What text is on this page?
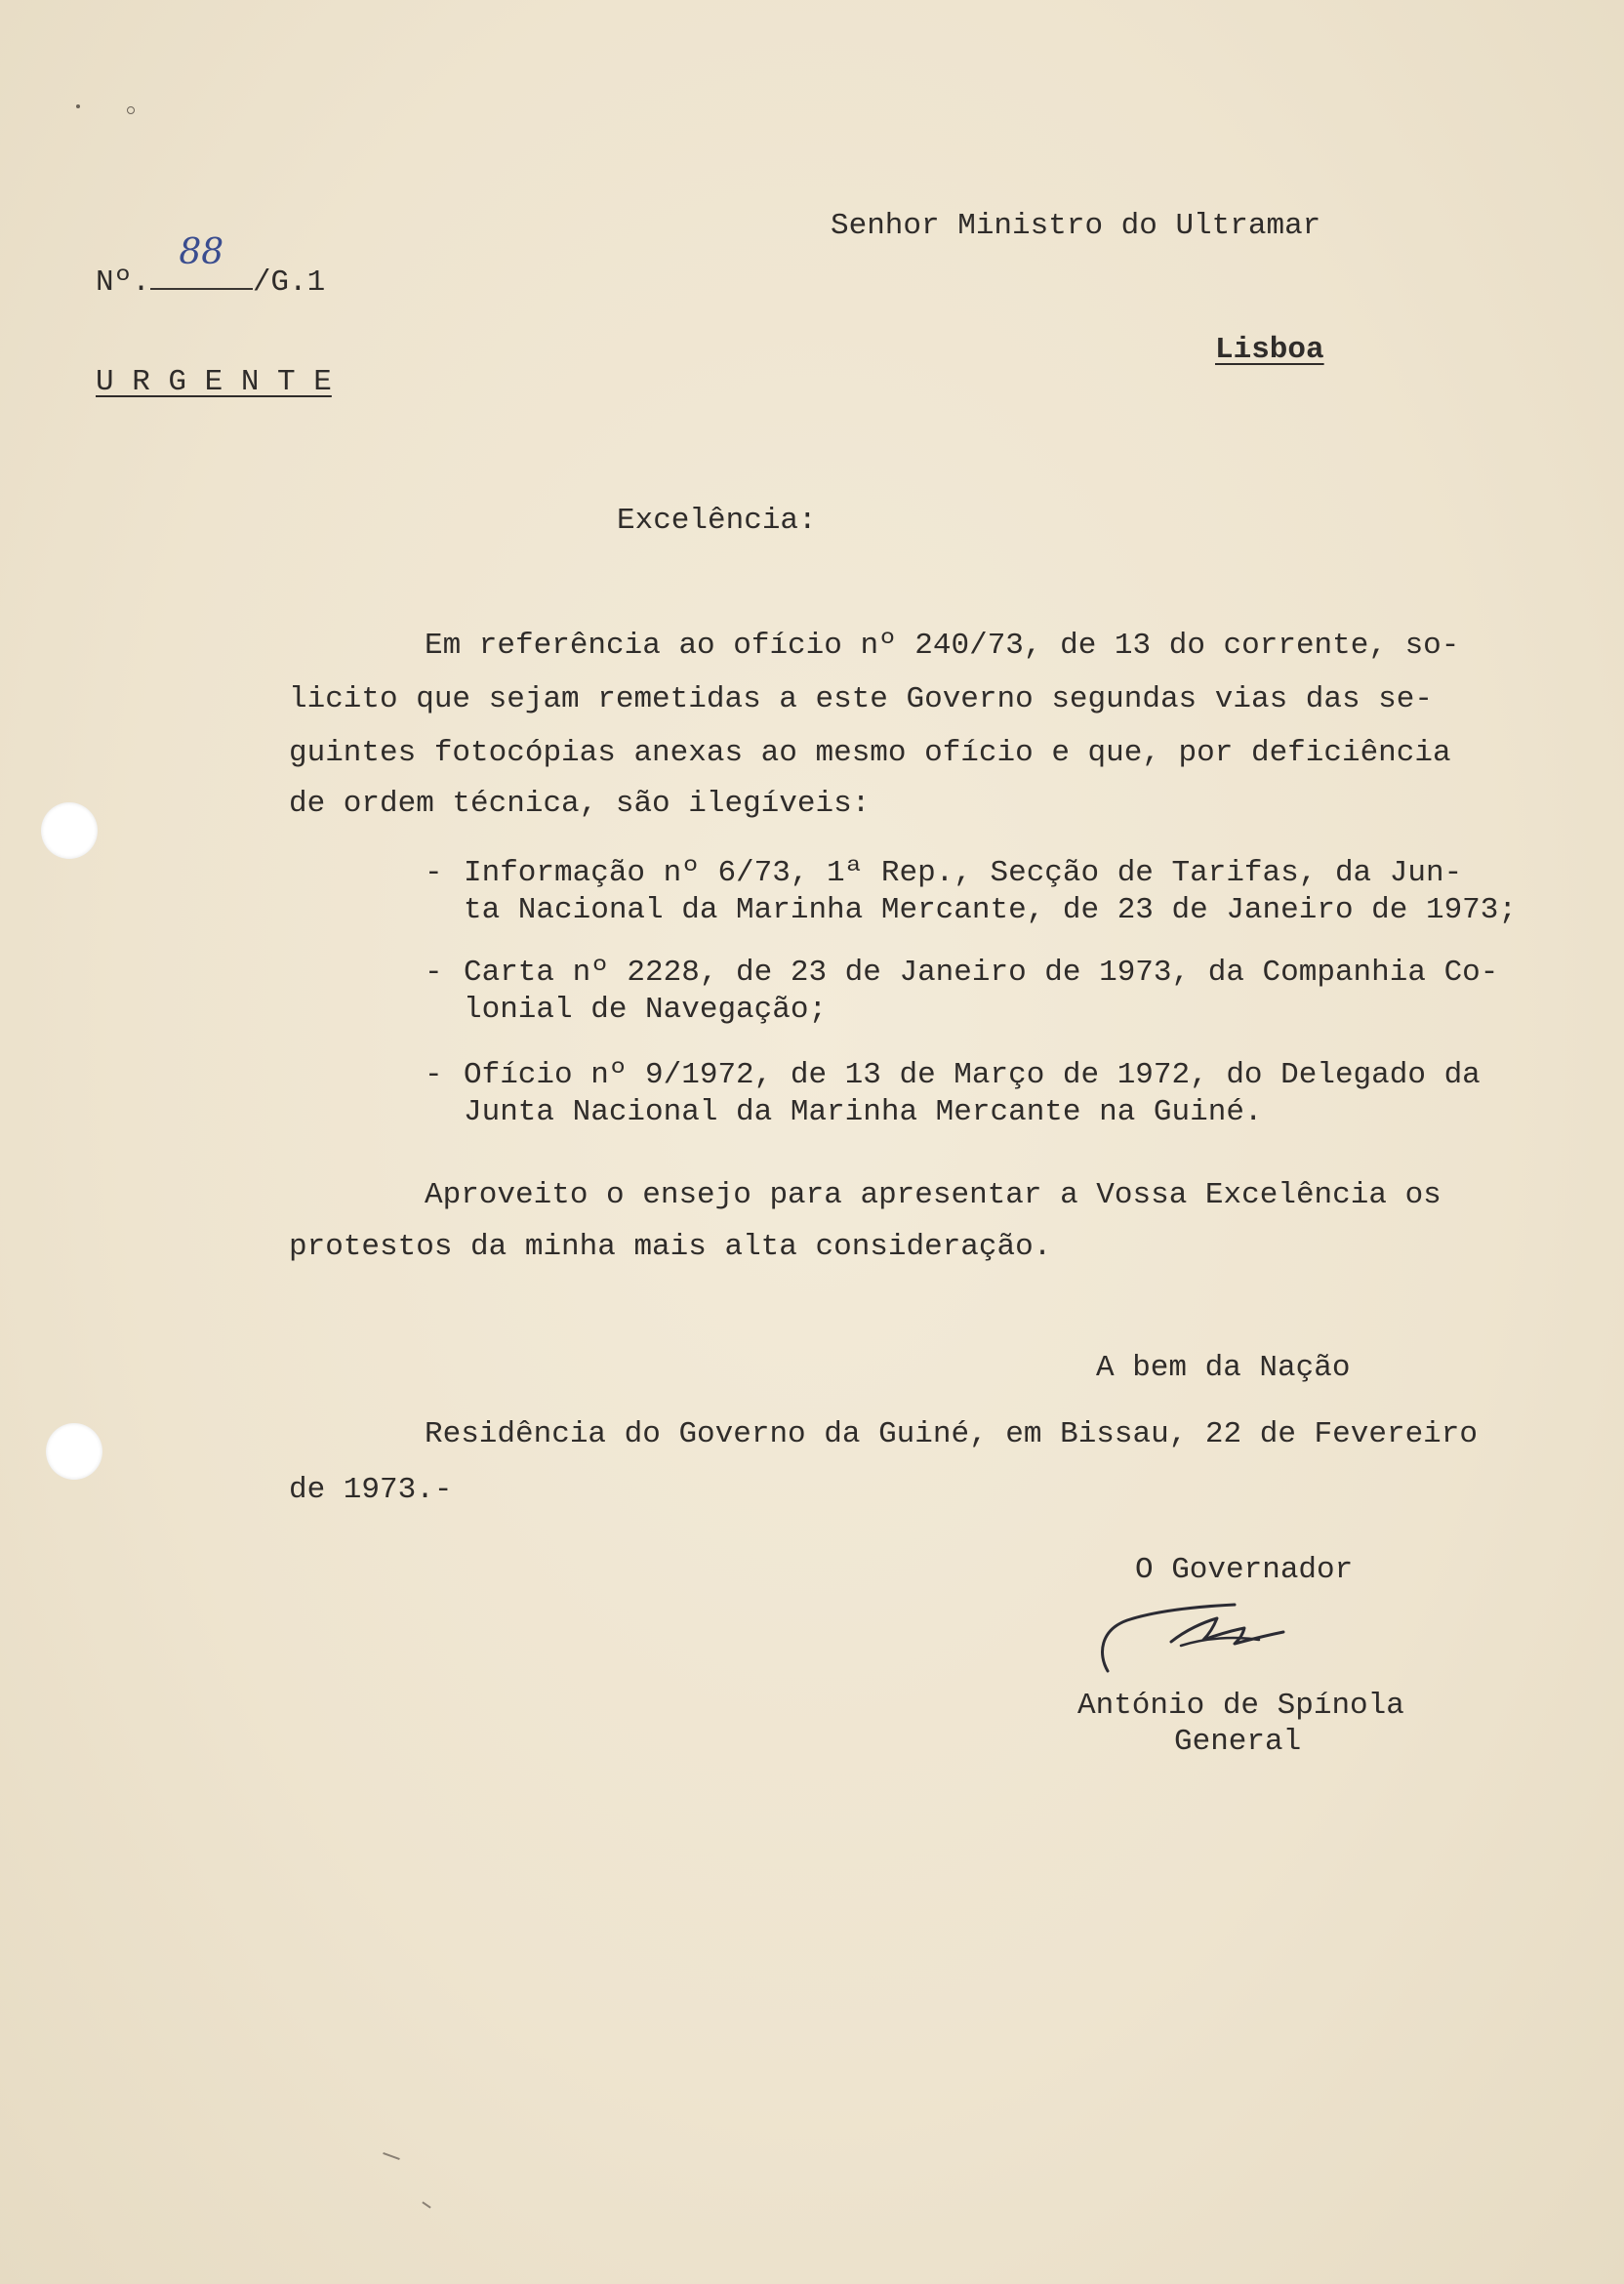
Senhor Ministro do Ultramar
Lisboa
Nº.
88
/G.1
U R G E N T E
Excelência:
Em referência ao ofício nº 240/73, de 13 do corrente, so-
licito que sejam remetidas a este Governo segundas vias das se-
guintes fotocópias anexas ao mesmo ofício e que, por deficiência
de ordem técnica, são ilegíveis:
- Informação nº 6/73, 1ª Rep., Secção de Tarifas, da Jun-
ta Nacional da Marinha Mercante, de 23 de Janeiro de 1973;
- Carta nº 2228, de 23 de Janeiro de 1973, da Companhia Co-
lonial de Navegação;
- Ofício nº 9/1972, de 13 de Março de 1972, do Delegado da
Junta Nacional da Marinha Mercante na Guiné.
Aproveito o ensejo para apresentar a Vossa Excelência os
protestos da minha mais alta consideração.
A bem da Nação
Residência do Governo da Guiné, em Bissau, 22 de Fevereiro
de 1973.-
O Governador
António de Spínola
General
